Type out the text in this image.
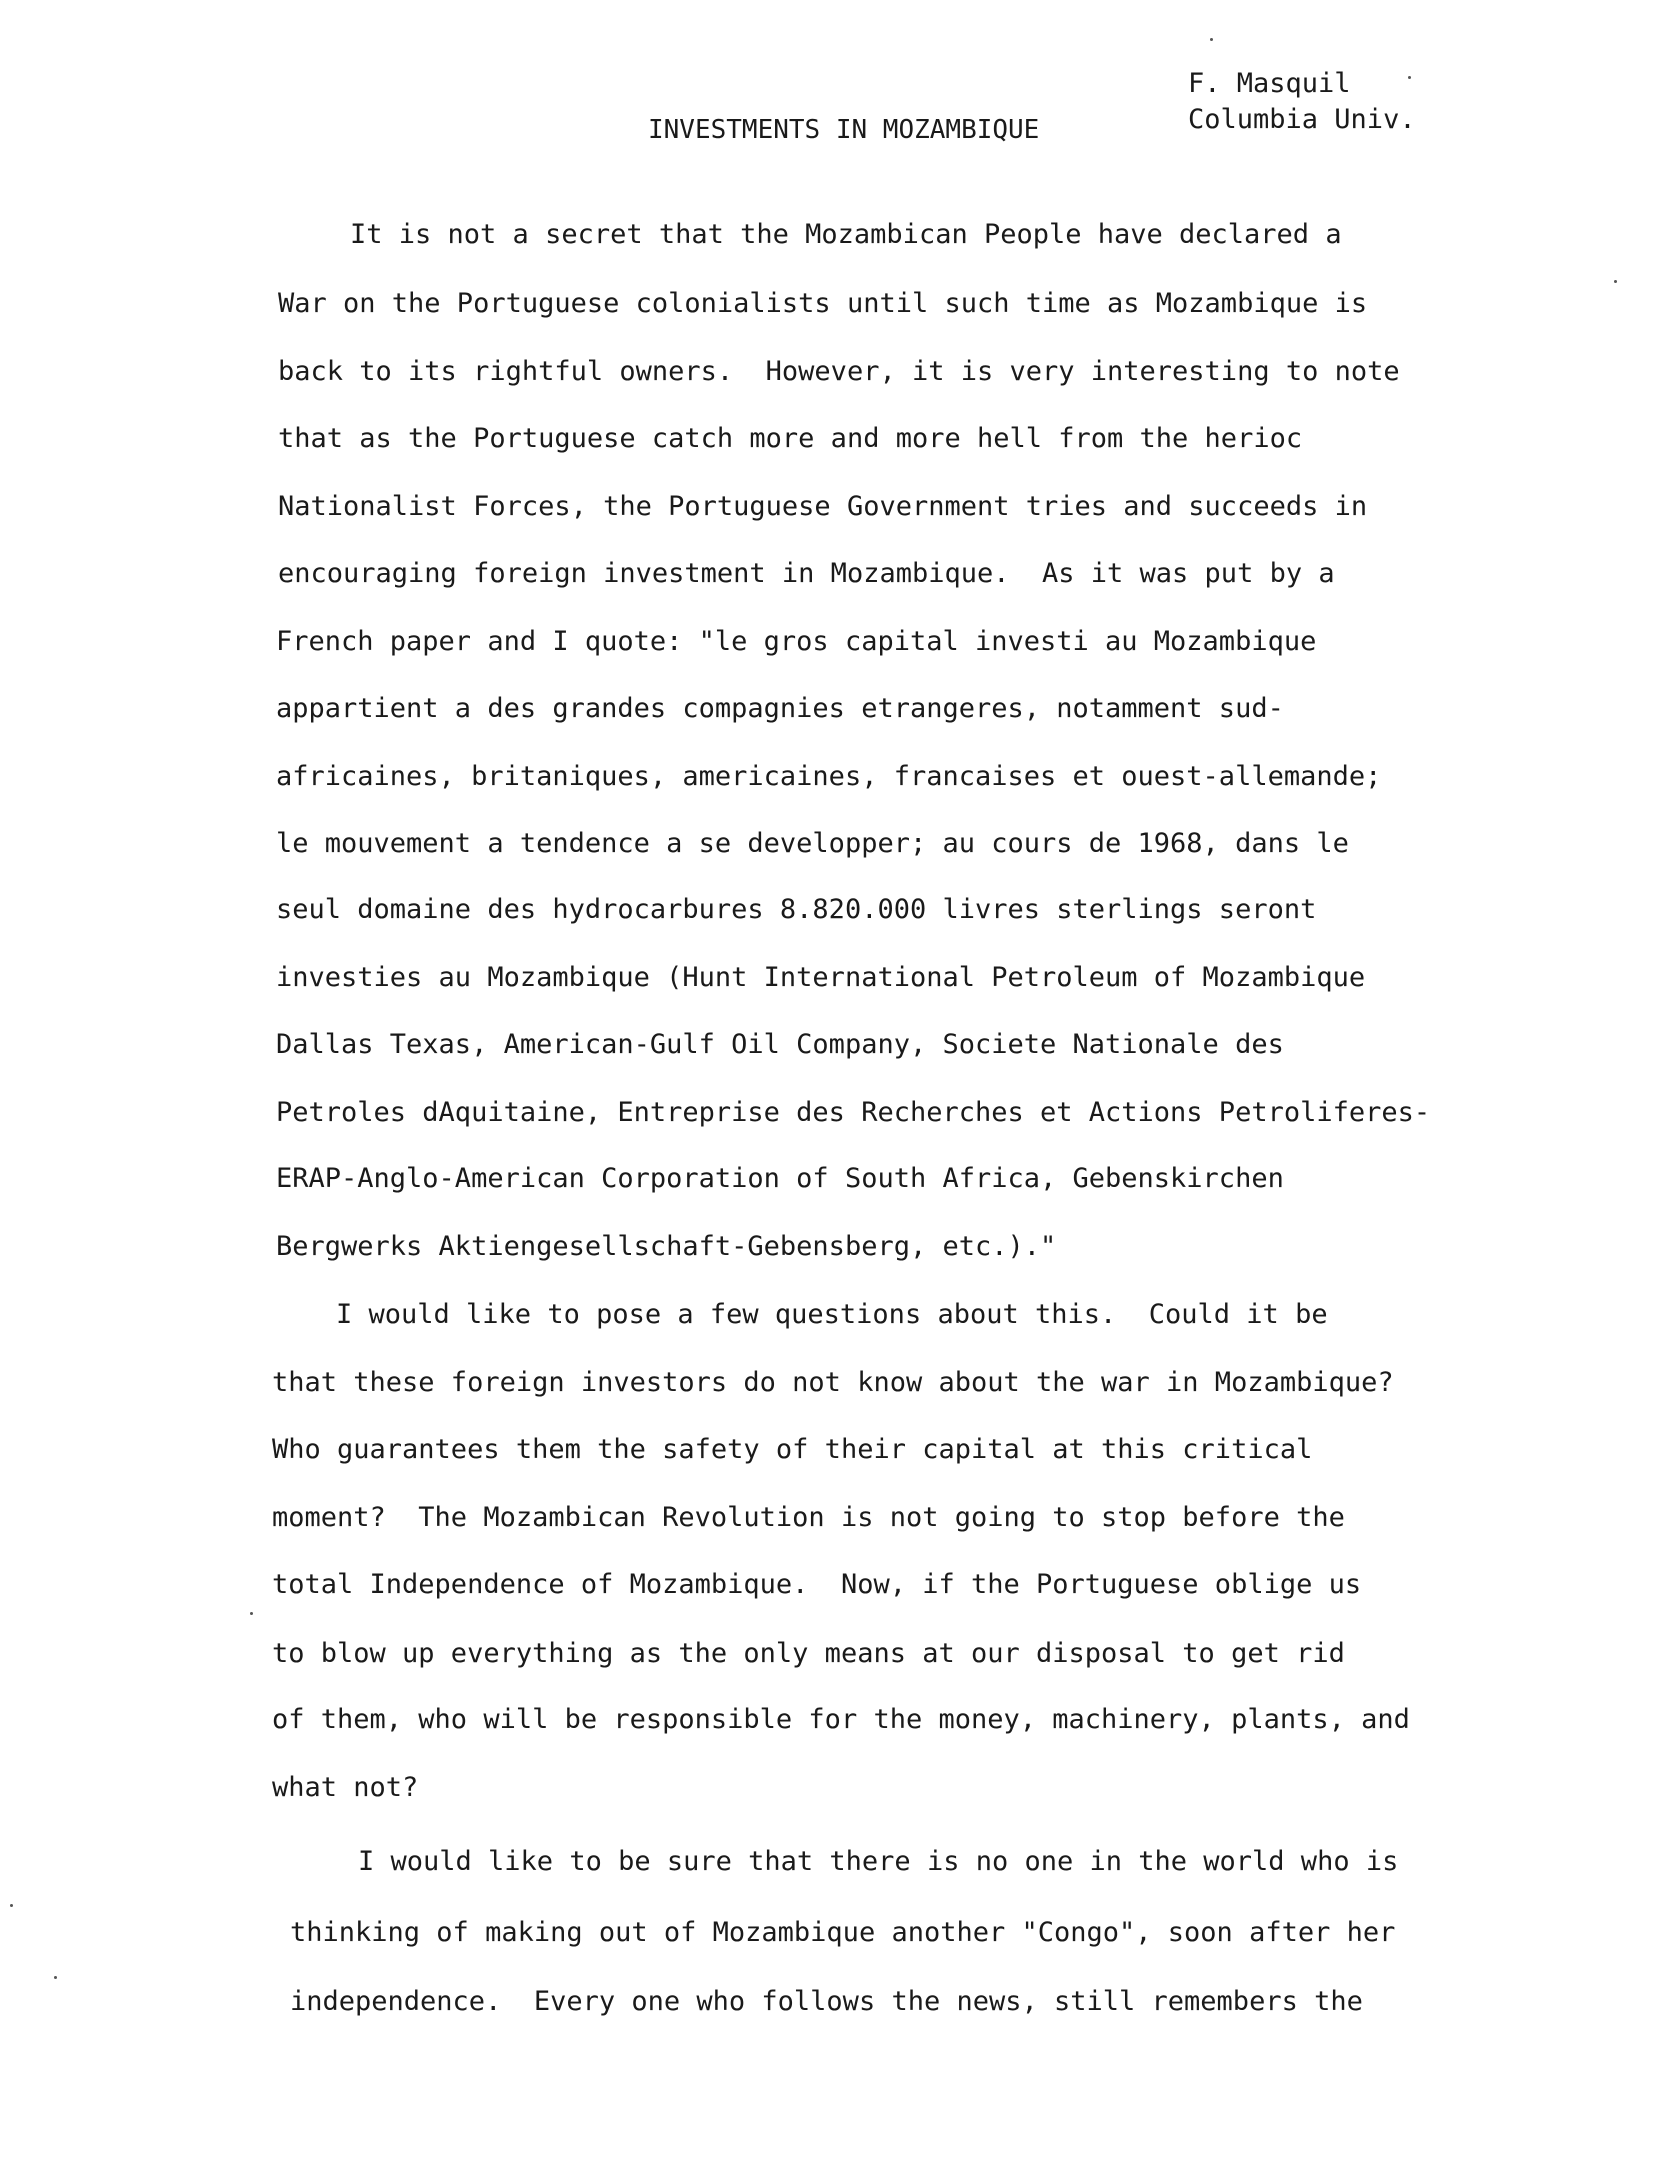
F. Masquil
Columbia Univ.
INVESTMENTS IN MOZAMBIQUE
It is not a secret that the Mozambican People have declared a
War on the Portuguese colonialists until such time as Mozambique is
back to its rightful owners.  However, it is very interesting to note
that as the Portuguese catch more and more hell from the herioc
Nationalist Forces, the Portuguese Government tries and succeeds in
encouraging foreign investment in Mozambique.  As it was put by a
French paper and I quote: "le gros capital investi au Mozambique
appartient a des grandes compagnies etrangeres, notamment sud-
africaines, britaniques, americaines, francaises et ouest-allemande;
le mouvement a tendence a se developper; au cours de 1968, dans le
seul domaine des hydrocarbures 8.820.000 livres sterlings seront
investies au Mozambique (Hunt International Petroleum of Mozambique
Dallas Texas, American-Gulf Oil Company, Societe Nationale des
Petroles dAquitaine, Entreprise des Recherches et Actions Petroliferes-
ERAP-Anglo-American Corporation of South Africa, Gebenskirchen
Bergwerks Aktiengesellschaft-Gebensberg, etc.)."
I would like to pose a few questions about this.  Could it be
that these foreign investors do not know about the war in Mozambique?
Who guarantees them the safety of their capital at this critical
moment?  The Mozambican Revolution is not going to stop before the
total Independence of Mozambique.  Now, if the Portuguese oblige us
to blow up everything as the only means at our disposal to get rid
of them, who will be responsible for the money, machinery, plants, and
what not?
I would like to be sure that there is no one in the world who is
thinking of making out of Mozambique another "Congo", soon after her
independence.  Every one who follows the news, still remembers the
